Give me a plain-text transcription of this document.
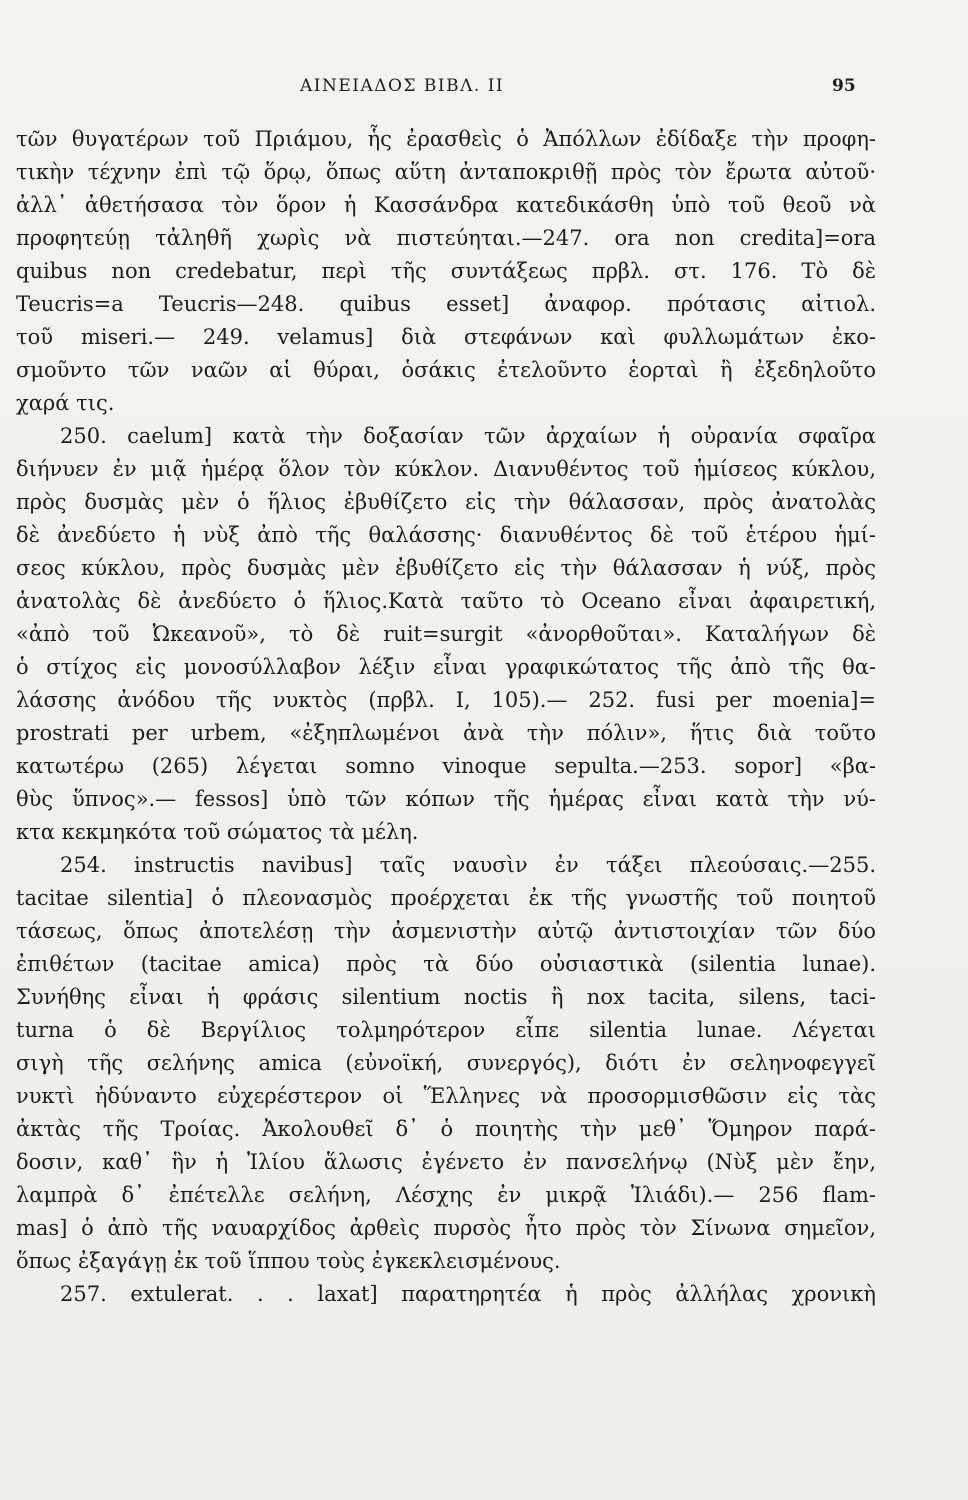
ΑΙΝΕΙΑΔΟΣ ΒΙΒΛ. ΙΙ	95
τῶν θυγατέρων τοῦ Πριάμου, ἧς ἐρασθεὶς ὁ Ἀπόλλων ἐδίδαξε τὴν προφη-
τικὴν τέχνην ἐπὶ τῷ ὅρῳ, ὅπως αὕτη ἀνταποκριθῇ πρὸς τὸν ἔρωτα αὐτοῦ·
ἀλλ᾽ ἀθετήσασα τὸν ὅρον ἡ Κασσάνδρα κατεδικάσθη ὑπὸ τοῦ θεοῦ νὰ
προφητεύῃ τἀληθῆ χωρὶς νὰ πιστεύηται.—247. ora non credita]=ora
quibus non credebatur, περὶ τῆς συντάξεως πρβλ. στ. 176. Τὸ δὲ
Teucris=a Teucris—248. quibus esset] ἀναφορ. πρότασις αἰτιολ.
τοῦ miseri.— 249. velamus] διὰ στεφάνων καὶ φυλλωμάτων ἐκο-
σμοῦντο τῶν ναῶν αἱ θύραι, ὁσάκις ἐτελοῦντο ἑορταὶ ἢ ἐξεδηλοῦτο
χαρά τις.
250. caelum] κατὰ τὴν δοξασίαν τῶν ἀρχαίων ἡ οὐρανία σφαῖρα
διήνυεν ἐν μιᾷ ἡμέρᾳ ὅλον τὸν κύκλον. Διανυθέντος τοῦ ἡμίσεος κύκλου,
πρὸς δυσμὰς μὲν ὁ ἥλιος ἐβυθίζετο εἰς τὴν θάλασσαν, πρὸς ἀνατολὰς
δὲ ἀνεδύετο ἡ νὺξ ἀπὸ τῆς θαλάσσης· διανυθέντος δὲ τοῦ ἑτέρου ἡμί-
σεος κύκλου, πρὸς δυσμὰς μὲν ἐβυθίζετο εἰς τὴν θάλασσαν ἡ νύξ, πρὸς
ἀνατολὰς δὲ ἀνεδύετο ὁ ἥλιος.Κατὰ ταῦτο τὸ Oceano εἶναι ἀφαιρετική,
«ἀπὸ τοῦ Ὠκεανοῦ», τὸ δὲ ruit=surgit «ἀνορθοῦται». Καταλήγων δὲ
ὁ στίχος εἰς μονοσύλλαβον λέξιν εἶναι γραφικώτατος τῆς ἀπὸ τῆς θα-
λάσσης ἀνόδου τῆς νυκτὸς (πρβλ. I, 105).— 252. fusi per moenia]=
prostrati per urbem, «ἐξηπλωμένοι ἀνὰ τὴν πόλιν», ἥτις διὰ τοῦτο
κατωτέρω (265) λέγεται somno vinoque sepulta.—253. sopor] «βα-
θὺς ὕπνος».— fessos] ὑπὸ τῶν κόπων τῆς ἡμέρας εἶναι κατὰ τὴν νύ-
κτα κεκμηκότα τοῦ σώματος τὰ μέλη.
254. instructis navibus] ταῖς ναυσὶν ἐν τάξει πλεούσαις.—255.
tacitae silentia] ὁ πλεονασμὸς προέρχεται ἐκ τῆς γνωστῆς τοῦ ποιητοῦ
τάσεως, ὅπως ἀποτελέσῃ τὴν ἀσμενιστὴν αὐτῷ ἀντιστοιχίαν τῶν δύο
ἐπιθέτων (tacitae amica) πρὸς τὰ δύο οὐσιαστικὰ (silentia lunae).
Συνήθης εἶναι ἡ φράσις silentium noctis ἢ nox tacita, silens, taci-
turna ὁ δὲ Βεργίλιος τολμηρότερον εἶπε silentia lunae. Λέγεται
σιγὴ τῆς σελήνης amica (εὐνοϊκή, συνεργός), διότι ἐν σεληνοφεγγεῖ
νυκτὶ ἠδύναντο εὐχερέστερον οἱ Ἕλληνες νὰ προσορμισθῶσιν εἰς τὰς
ἀκτὰς τῆς Τροίας. Ἀκολουθεῖ δ᾽ ὁ ποιητὴς τὴν μεθ᾽ Ὅμηρον παρά-
δοσιν, καθ᾽ ἣν ἡ Ἰλίου ἅλωσις ἐγένετο ἐν πανσελήνῳ (Νὺξ μὲν ἔην,
λαμπρὰ δ᾽ ἐπέτελλε σελήνη, Λέσχης ἐν μικρᾷ Ἰλιάδι).— 256 flam-
mas] ὁ ἀπὸ τῆς ναυαρχίδος ἀρθεὶς πυρσὸς ἦτο πρὸς τὸν Σίνωνα σημεῖον,
ὅπως ἐξαγάγῃ ἐκ τοῦ ἵππου τοὺς ἐγκεκλεισμένους.
257. extulerat. . . laxat] παρατηρητέα ἡ πρὸς ἀλλήλας χρονικὴ
